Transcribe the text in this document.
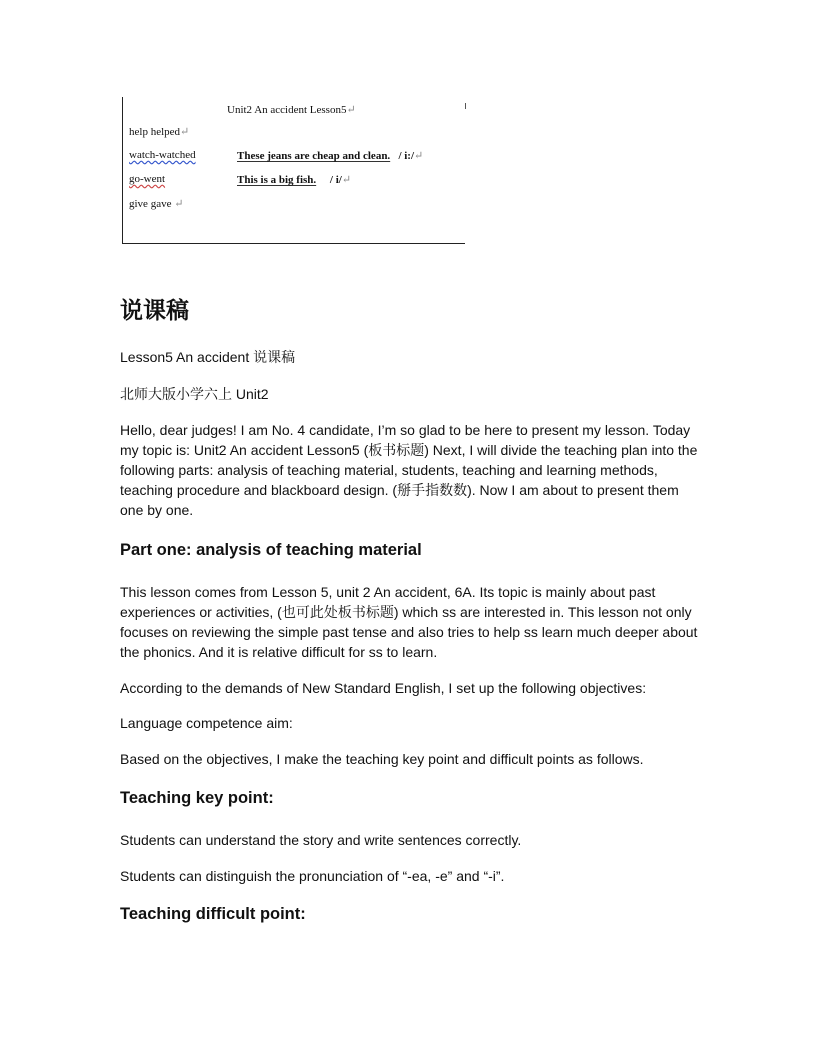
Unit2 An accident Lesson5↵
help helped↵
watch-watched
go-went
give gave ↵
These jeans are cheap and clean. / i:/↵
This is a big fish. / i/↵
说课稿

Lesson5 An accident 说课稿

北师大版小学六上 Unit2

Hello, dear judges! I am No. 4 candidate, I’m so glad to be here to present my lesson. Today my topic is: Unit2 An accident Lesson5 (板书标题) Next, I will divide the teaching plan into the following parts: analysis of teaching material, students, teaching and learning methods, teaching procedure and blackboard design. (掰手指数数). Now I am about to present them one by one.

Part one: analysis of teaching material

This lesson comes from Lesson 5, unit 2 An accident, 6A. Its topic is mainly about past experiences or activities, (也可此处板书标题) which ss are interested in. This lesson not only focuses on reviewing the simple past tense and also tries to help ss learn much deeper about the phonics. And it is relative difficult for ss to learn.

According to the demands of New Standard English, I set up the following objectives:

Language competence aim:

Based on the objectives, I make the teaching key point and difficult points as follows.

Teaching key point:

Students can understand the story and write sentences correctly.

Students can distinguish the pronunciation of “-ea, -e” and “-i”.

Teaching difficult point:
